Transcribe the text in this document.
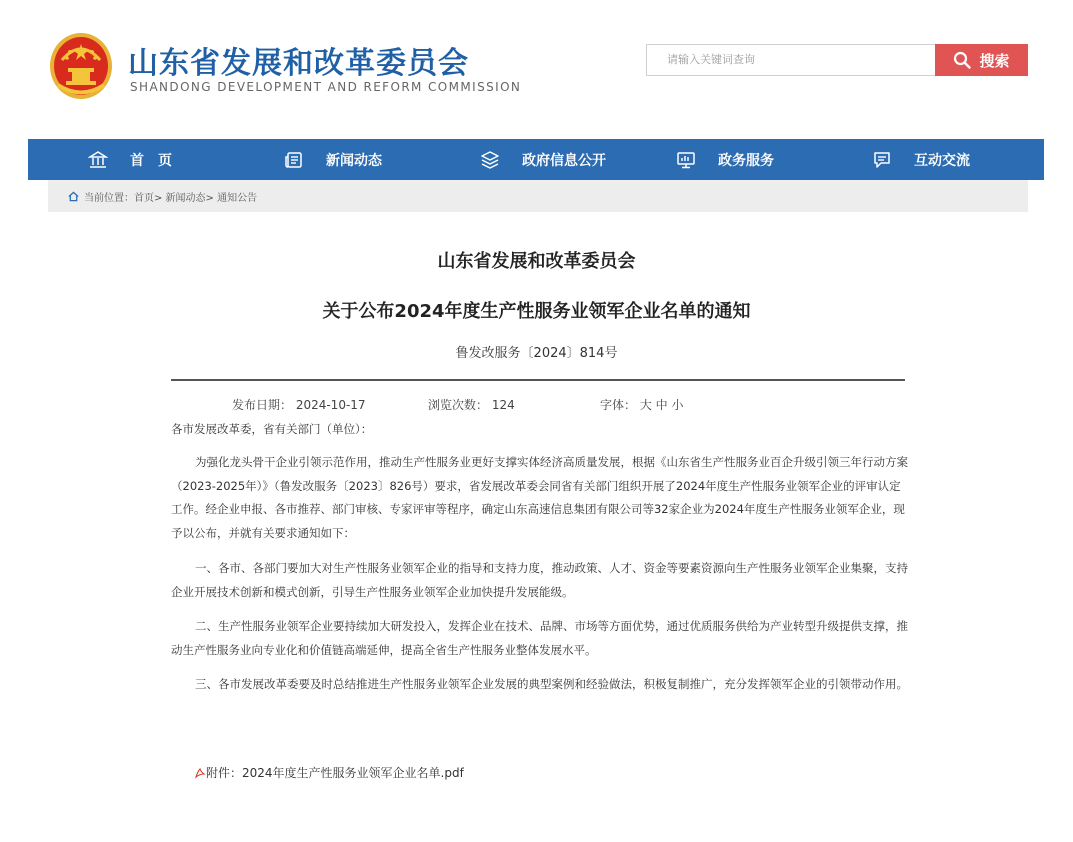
山东省发展和改革委员会
SHANDONG DEVELOPMENT AND REFORM COMMISSION
请输入关键词查询	搜索
首　页	新闻动态	政府信息公开	政务服务	互动交流
当前位置：首页> 新闻动态> 通知公告
山东省发展和改革委员会
关于公布2024年度生产性服务业领军企业名单的通知
鲁发改服务〔2024〕814号
发布日期： 2024-10-17	浏览次数： 124	字体： 大 中 小

各市发展改革委，省有关部门（单位）：

为强化龙头骨干企业引领示范作用，推动生产性服务业更好支撑实体经济高质量发展，根据《山东省生产性服务业百企升级引领三年行动方案（2023-2025年）》（鲁发改服务〔2023〕826号）要求，省发展改革委会同省有关部门组织开展了2024年度生产性服务业领军企业的评审认定工作。经企业申报、各市推荐、部门审核、专家评审等程序，确定山东高速信息集团有限公司等32家企业为2024年度生产性服务业领军企业，现予以公布，并就有关要求通知如下：

一、各市、各部门要加大对生产性服务业领军企业的指导和支持力度，推动政策、人才、资金等要素资源向生产性服务业领军企业集聚，支持企业开展技术创新和模式创新，引导生产性服务业领军企业加快提升发展能级。

二、生产性服务业领军企业要持续加大研发投入，发挥企业在技术、品牌、市场等方面优势，通过优质服务供给为产业转型升级提供支撑，推动生产性服务业向专业化和价值链高端延伸，提高全省生产性服务业整体发展水平。

三、各市发展改革委要及时总结推进生产性服务业领军企业发展的典型案例和经验做法，积极复制推广，充分发挥领军企业的引领带动作用。

附件：2024年度生产性服务业领军企业名单.pdf
